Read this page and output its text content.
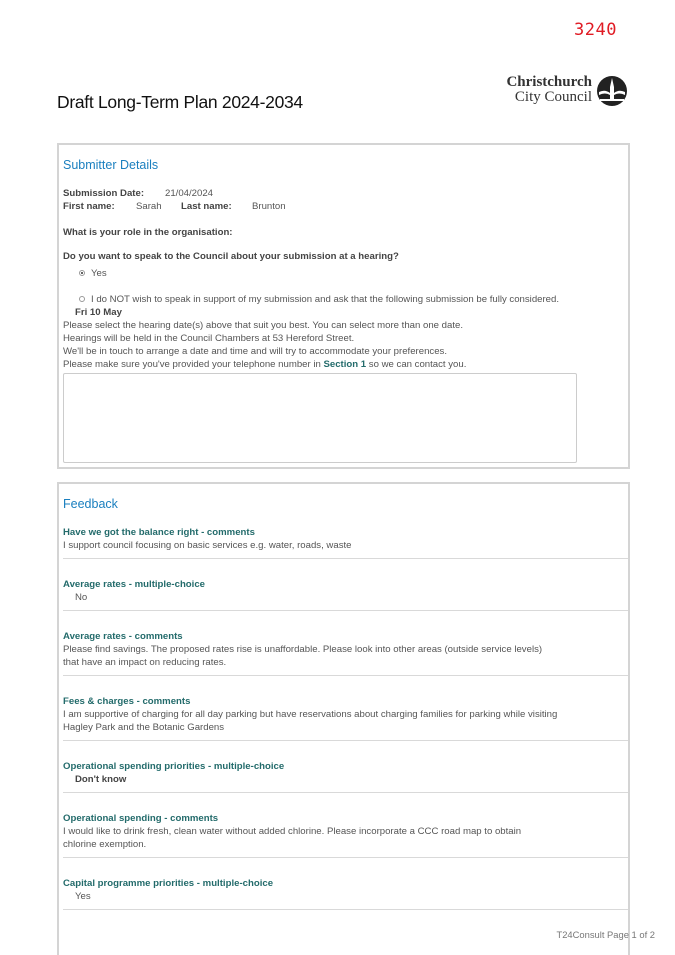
3240
Draft Long-Term Plan 2024-2034
Christchurch
City Council
Submitter Details
Submission Date: 21/04/2024
First name: Sarah Last name: Brunton
What is your role in the organisation:
Do you want to speak to the Council about your submission at a hearing?
Yes
I do NOT wish to speak in support of my submission and ask that the following submission be fully considered.
Fri 10 May
Please select the hearing date(s) above that suit you best. You can select more than one date.
Hearings will be held in the Council Chambers at 53 Hereford Street.
We'll be in touch to arrange a date and time and will try to accommodate your preferences.
Please make sure you've provided your telephone number in Section 1 so we can contact you.
Feedback
Have we got the balance right - comments
I support council focusing on basic services e.g. water, roads, waste
Average rates - multiple-choice
No
Average rates - comments
Please find savings. The proposed rates rise is unaffordable. Please look into other areas (outside service levels)
that have an impact on reducing rates.
Fees & charges - comments
I am supportive of charging for all day parking but have reservations about charging families for parking while visiting
Hagley Park and the Botanic Gardens
Operational spending priorities - multiple-choice
Don't know
Operational spending - comments
I would like to drink fresh, clean water without added chlorine. Please incorporate a CCC road map to obtain
chlorine exemption.
Capital programme priorities - multiple-choice
Yes
T24Consult Page 1 of 2
